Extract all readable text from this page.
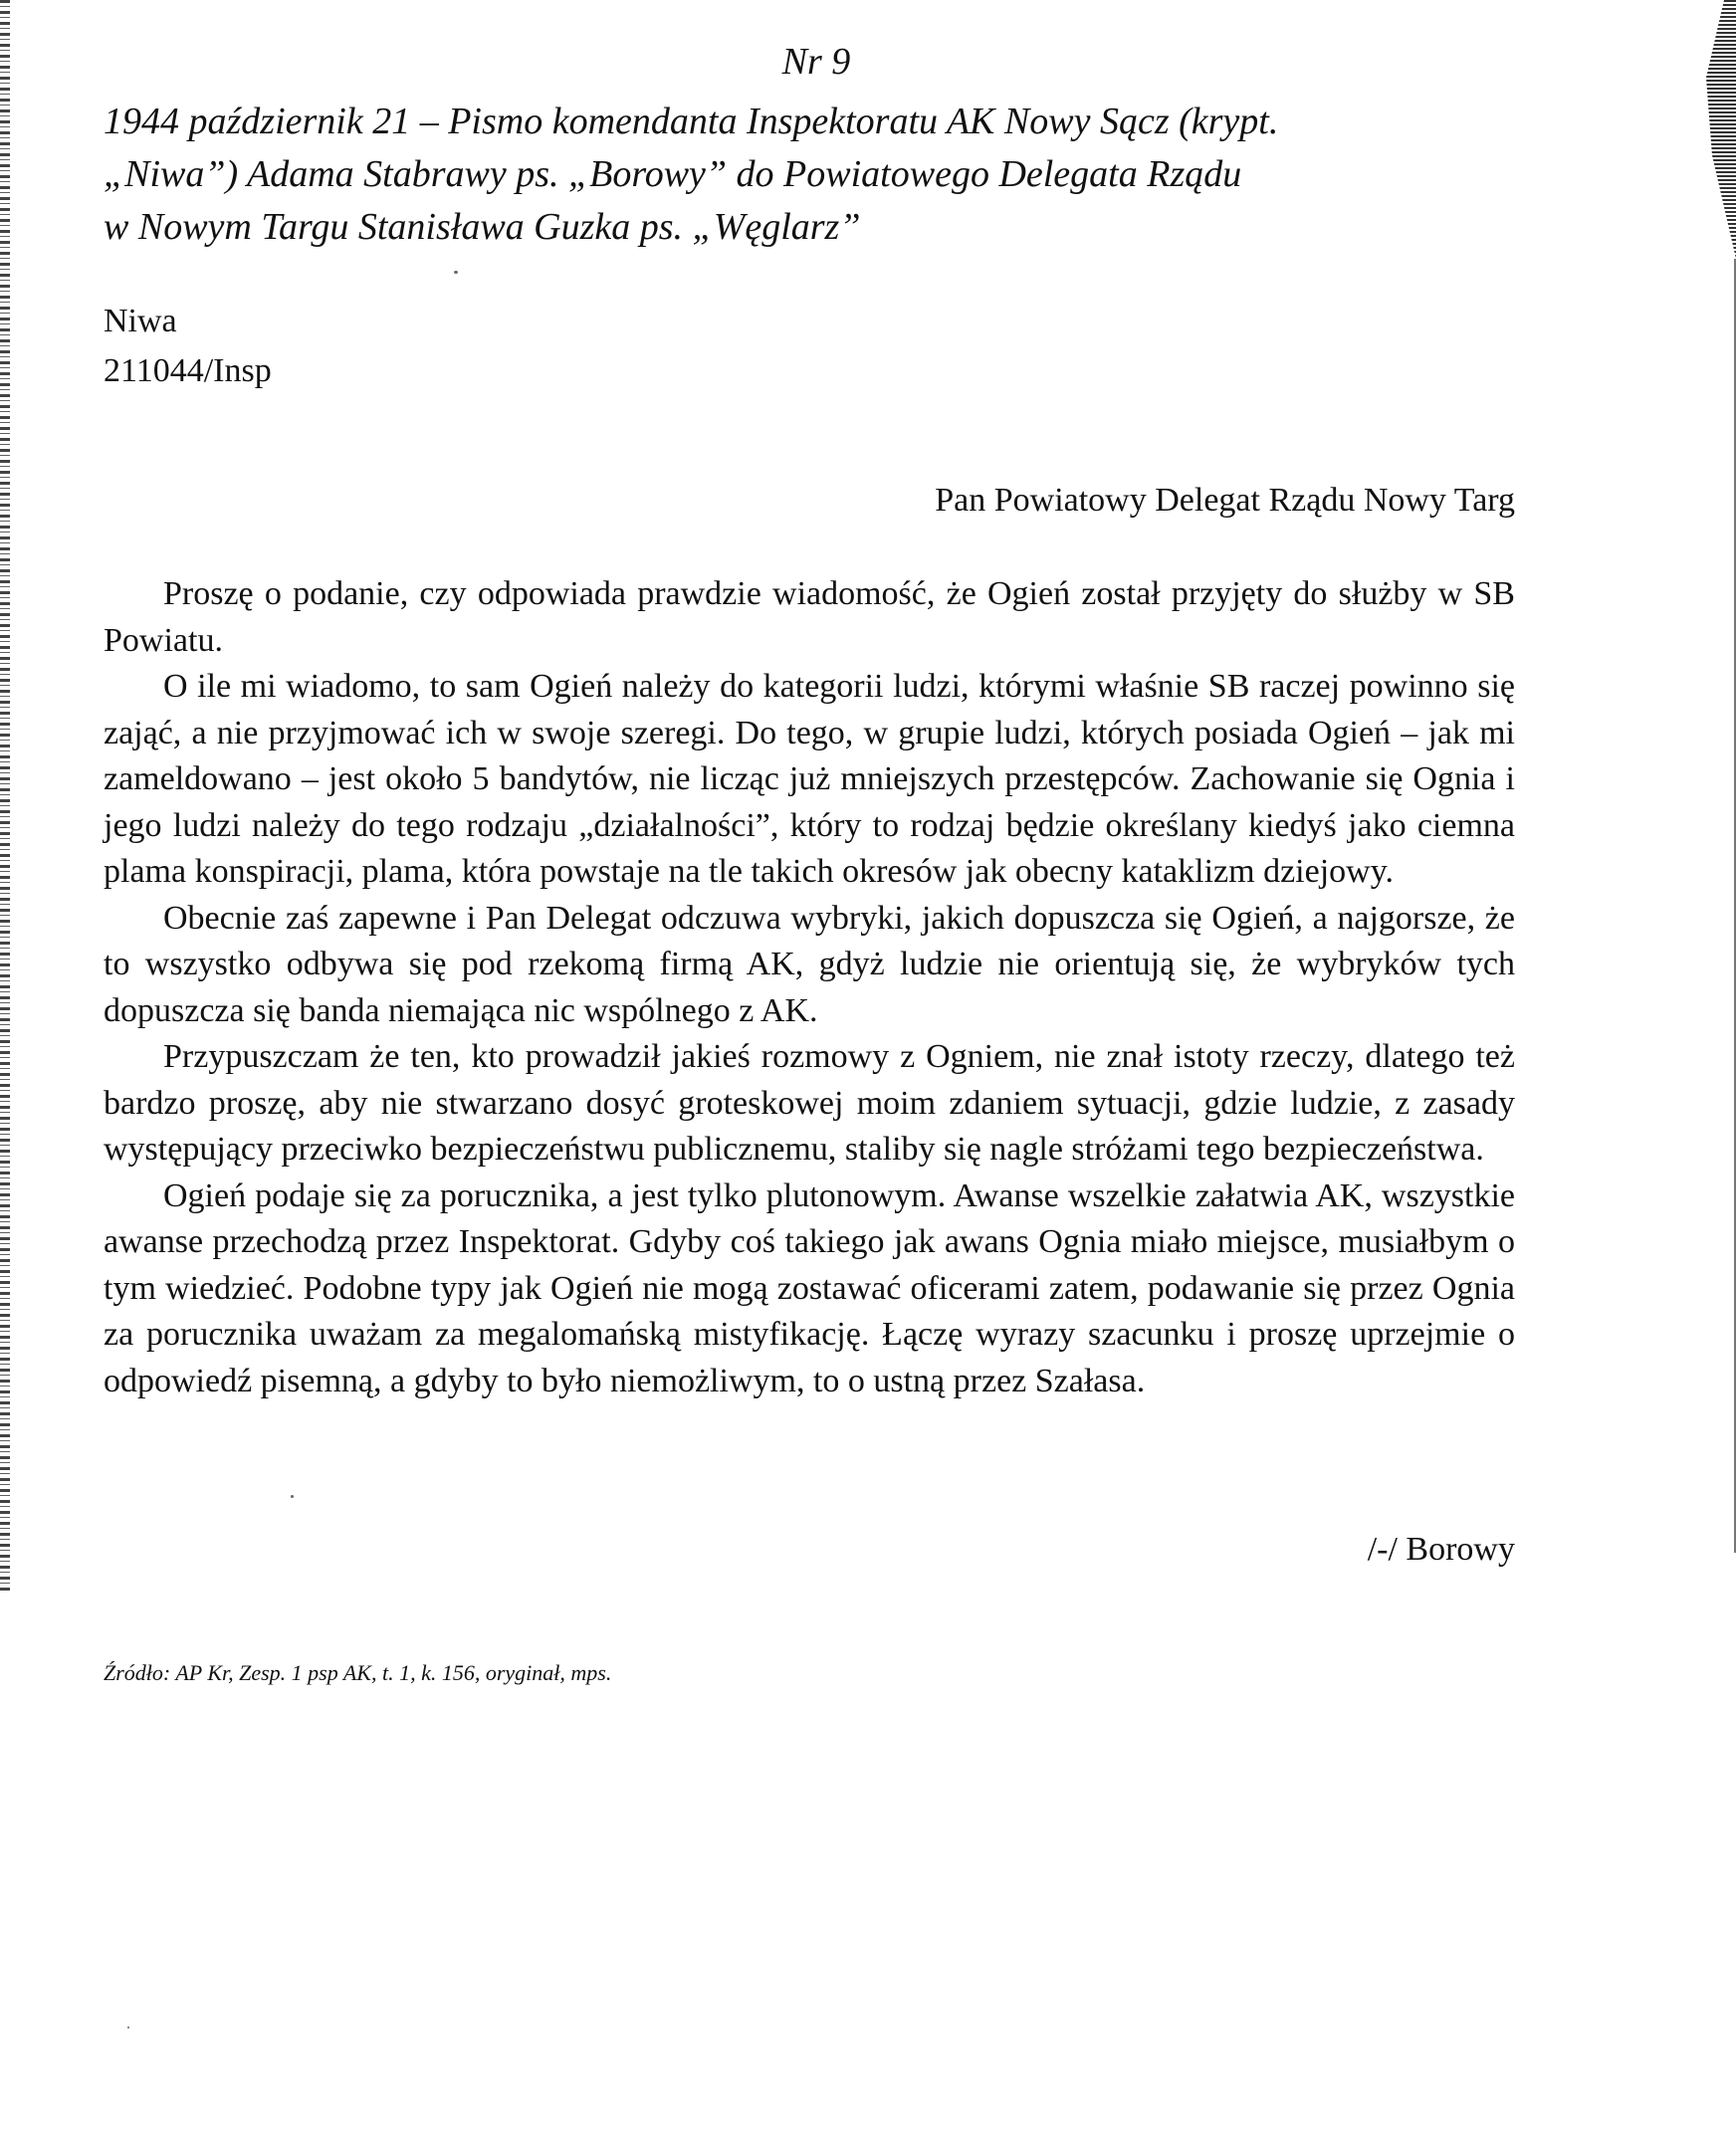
Nr 9
1944 październik 21 – Pismo komendanta Inspektoratu AK Nowy Sącz (krypt.
„Niwa”) Adama Stabrawy ps. „Borowy” do Powiatowego Delegata Rządu
w Nowym Targu Stanisława Guzka ps. „Węglarz”
Niwa
211044/Insp
Pan Powiatowy Delegat Rządu Nowy Targ

Proszę o podanie, czy odpowiada prawdzie wiadomość, że Ogień został przyjęty do służby w SB Powiatu.

O ile mi wiadomo, to sam Ogień należy do kategorii ludzi, którymi właśnie SB raczej powinno się zająć, a nie przyjmować ich w swoje szeregi. Do tego, w grupie ludzi, których posiada Ogień – jak mi zameldowano – jest około 5 bandytów, nie licząc już mniejszych przestępców. Zachowanie się Ognia i jego ludzi należy do tego rodzaju „działalności”, który to rodzaj będzie określany kiedyś jako ciemna plama konspiracji, plama, która powstaje na tle takich okresów jak obecny kataklizm dziejowy.

Obecnie zaś zapewne i Pan Delegat odczuwa wybryki, jakich dopuszcza się Ogień, a najgorsze, że to wszystko odbywa się pod rzekomą firmą AK, gdyż ludzie nie orientują się, że wybryków tych dopuszcza się banda niemająca nic wspólnego z AK.

Przypuszczam że ten, kto prowadził jakieś rozmowy z Ogniem, nie znał istoty rzeczy, dlatego też bardzo proszę, aby nie stwarzano dosyć groteskowej moim zdaniem sytuacji, gdzie ludzie, z zasady występujący przeciwko bezpieczeństwu publicznemu, staliby się nagle stróżami tego bezpieczeństwa.

Ogień podaje się za porucznika, a jest tylko plutonowym. Awanse wszelkie załatwia AK, wszystkie awanse przechodzą przez Inspektorat. Gdyby coś takiego jak awans Ognia miało miejsce, musiałbym o tym wiedzieć. Podobne typy jak Ogień nie mogą zostawać oficerami zatem, podawanie się przez Ognia za porucznika uważam za megalomańską mistyfikację. Łączę wyrazy szacunku i proszę uprzejmie o odpowiedź pisemną, a gdyby to było niemożliwym, to o ustną przez Szałasa.

/-/ Borowy
Źródło: AP Kr, Zesp. 1 psp AK, t. 1, k. 156, oryginał, mps.
